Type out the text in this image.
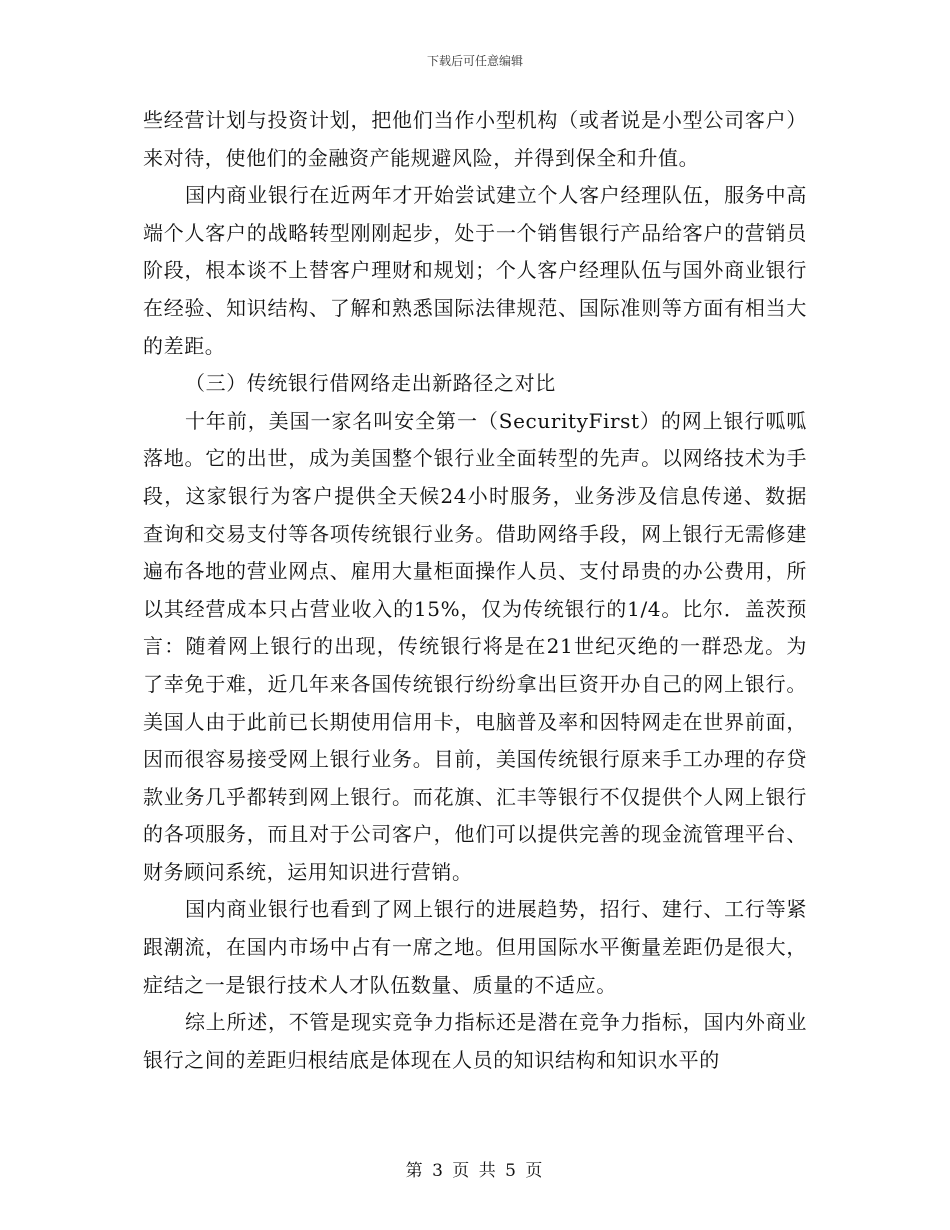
下载后可任意编辑

些经营计划与投资计划，把他们当作小型机构（或者说是小型公司客户）来对待，使他们的金融资产能规避风险，并得到保全和升值。

国内商业银行在近两年才开始尝试建立个人客户经理队伍，服务中高端个人客户的战略转型刚刚起步，处于一个销售银行产品给客户的营销员阶段，根本谈不上替客户理财和规划；个人客户经理队伍与国外商业银行在经验、知识结构、了解和熟悉国际法律规范、国际准则等方面有相当大的差距。

（三）传统银行借网络走出新路径之对比

十年前，美国一家名叫安全第一（SecurityFirst）的网上银行呱呱落地。它的出世，成为美国整个银行业全面转型的先声。以网络技术为手段，这家银行为客户提供全天候24小时服务，业务涉及信息传递、数据查询和交易支付等各项传统银行业务。借助网络手段，网上银行无需修建遍布各地的营业网点、雇用大量柜面操作人员、支付昂贵的办公费用，所以其经营成本只占营业收入的15%，仅为传统银行的1/4。比尔．盖茨预言：随着网上银行的出现，传统银行将是在21世纪灭绝的一群恐龙。为了幸免于难，近几年来各国传统银行纷纷拿出巨资开办自己的网上银行。美国人由于此前已长期使用信用卡，电脑普及率和因特网走在世界前面，因而很容易接受网上银行业务。目前，美国传统银行原来手工办理的存贷款业务几乎都转到网上银行。而花旗、汇丰等银行不仅提供个人网上银行的各项服务，而且对于公司客户，他们可以提供完善的现金流管理平台、财务顾问系统，运用知识进行营销。

国内商业银行也看到了网上银行的进展趋势，招行、建行、工行等紧跟潮流，在国内市场中占有一席之地。但用国际水平衡量差距仍是很大，症结之一是银行技术人才队伍数量、质量的不适应。

综上所述，不管是现实竞争力指标还是潜在竞争力指标，国内外商业银行之间的差距归根结底是体现在人员的知识结构和知识水平的

第 3 页 共 5 页
